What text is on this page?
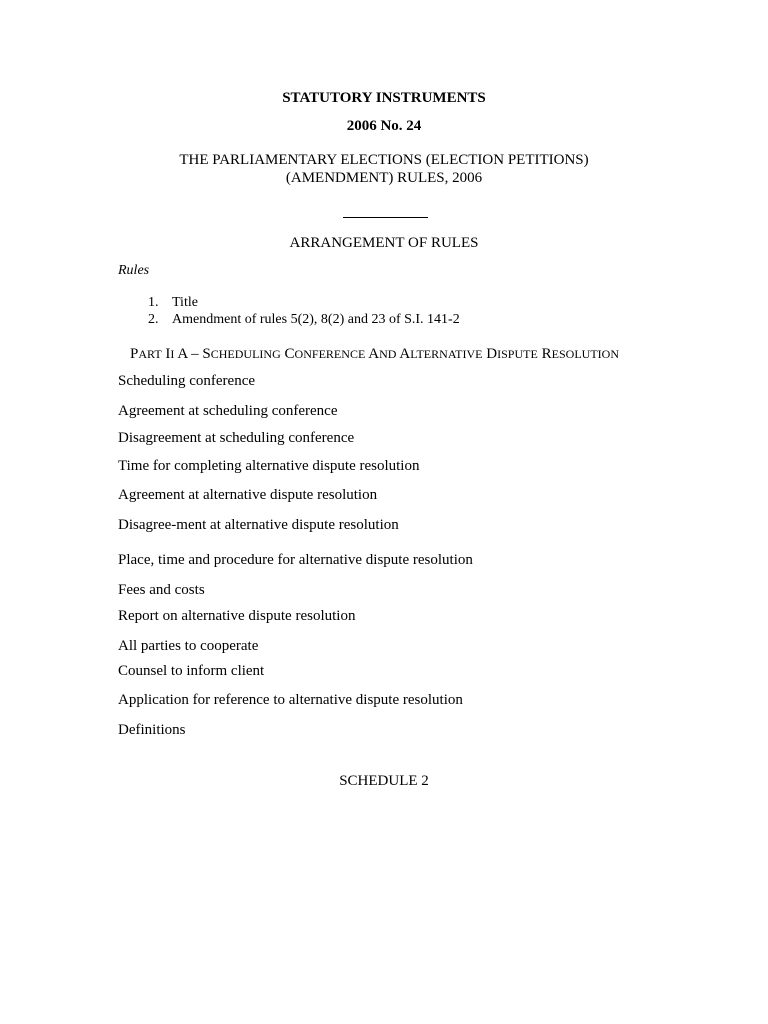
STATUTORY INSTRUMENTS
2006 No. 24
THE PARLIAMENTARY ELECTIONS (ELECTION PETITIONS)
(AMENDMENT) RULES, 2006
ARRANGEMENT OF RULES
Rules
1. Title
2. Amendment of rules 5(2), 8(2) and 23 of S.I. 141-2
PART II A – SCHEDULING CONFERENCE AND ALTERNATIVE DISPUTE RESOLUTION
Scheduling conference
Agreement at scheduling conference
Disagreement at scheduling conference
Time for completing alternative dispute resolution
Agreement at alternative dispute resolution
Disagree-ment at alternative dispute resolution
Place, time and procedure for alternative dispute resolution
Fees and costs
Report on alternative dispute resolution
All parties to cooperate
Counsel to inform client
Application for reference to alternative dispute resolution
Definitions
SCHEDULE 2
